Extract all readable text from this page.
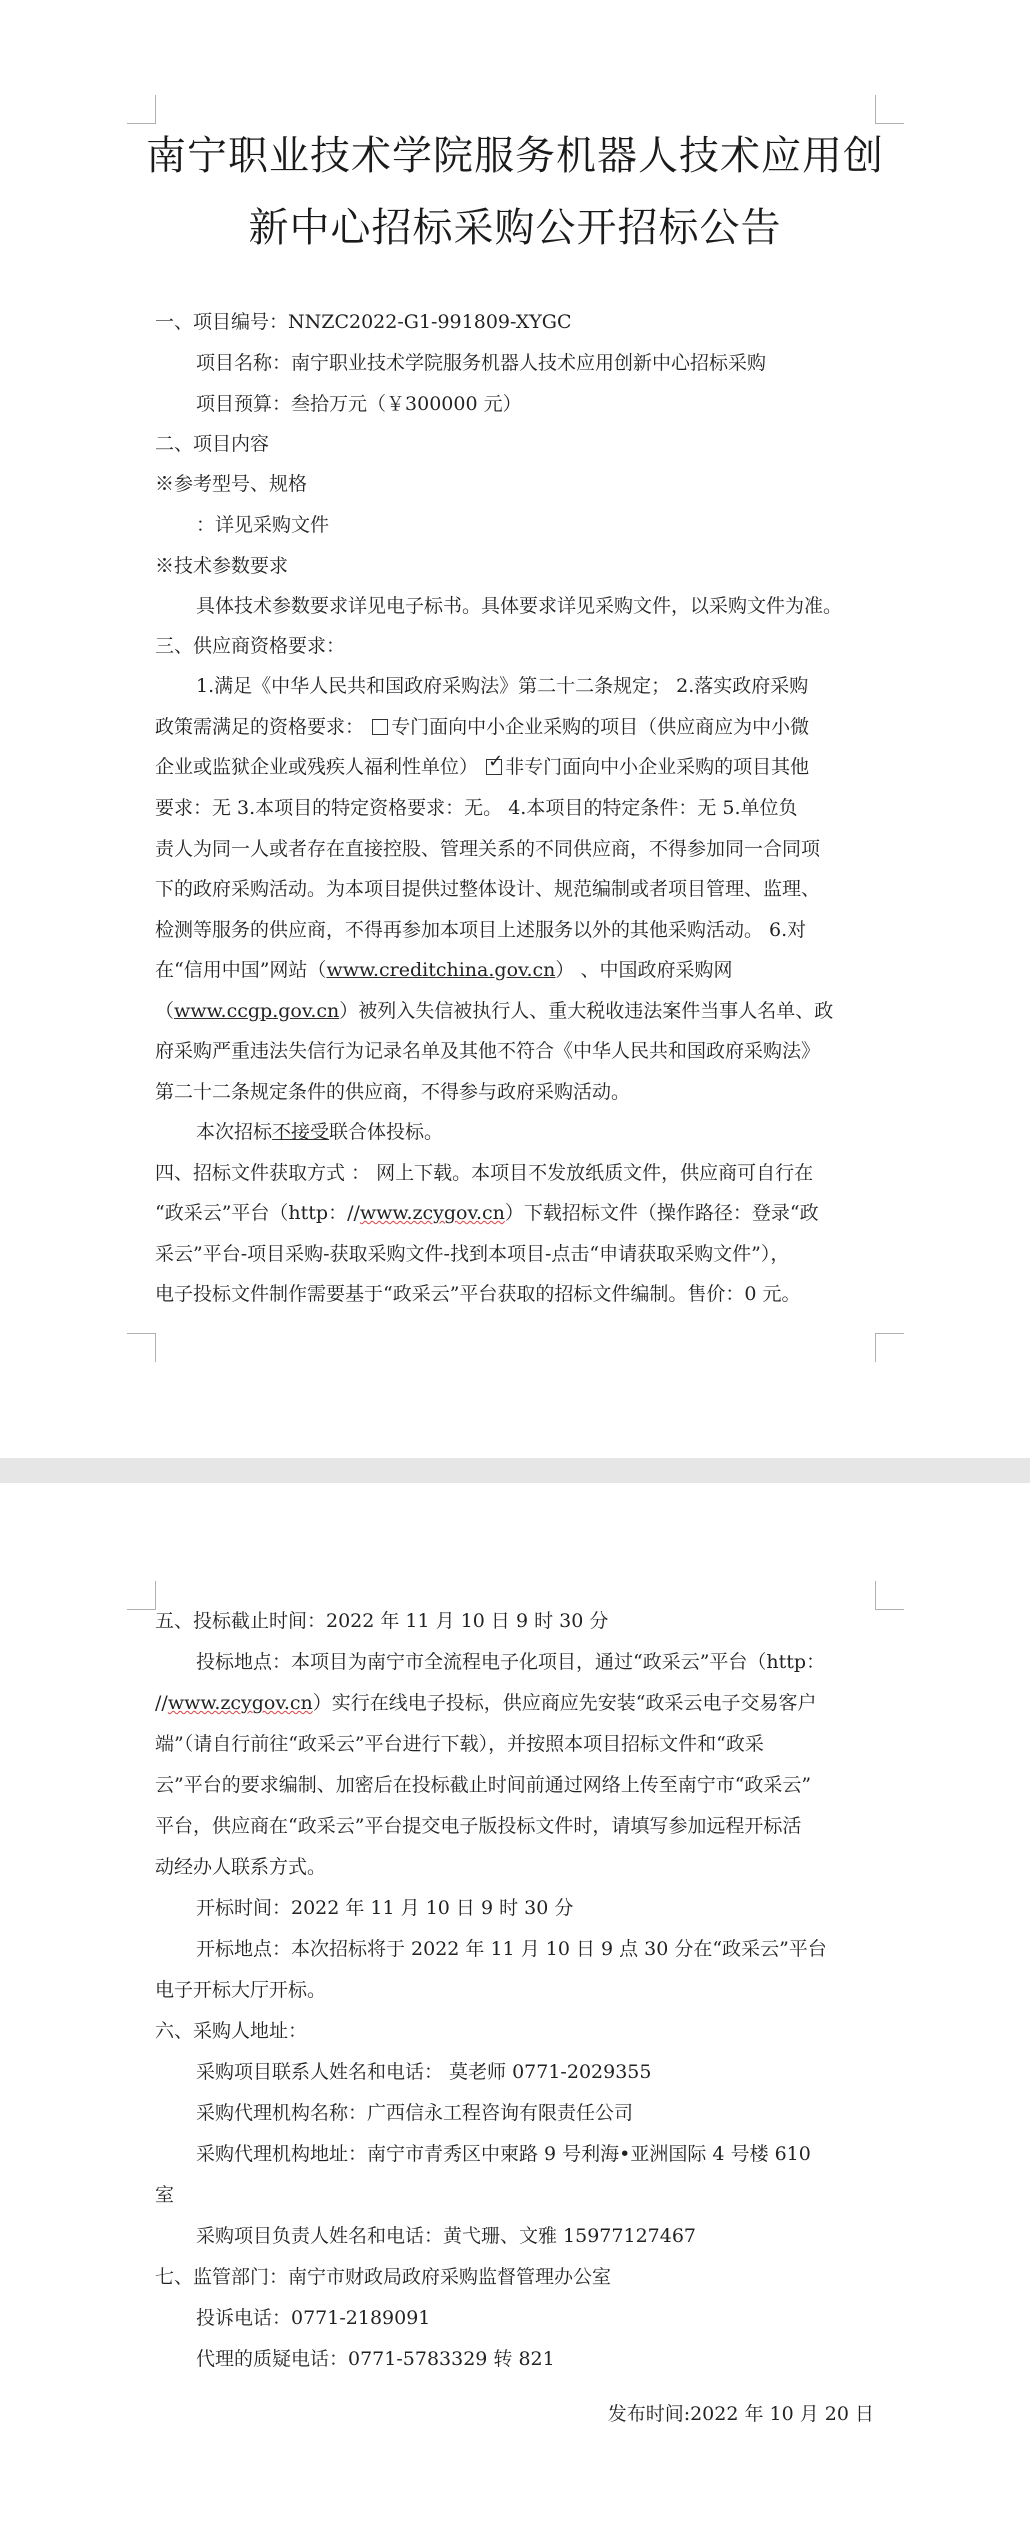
南宁职业技术学院服务机器人技术应用创
新中心招标采购公开招标公告
一、项目编号：NNZC2022-G1-991809-XYGC
项目名称：南宁职业技术学院服务机器人技术应用创新中心招标采购
项目预算：叁拾万元（￥300000 元）
二、项目内容
※参考型号、规格
：详见采购文件
※技术参数要求
具体技术参数要求详见电子标书。具体要求详见采购文件，以采购文件为准。
三、供应商资格要求：
1.满足《中华人民共和国政府采购法》第二十二条规定； 2.落实政府采购
政策需满足的资格要求： 专门面向中小企业采购的项目（供应商应为中小微
企业或监狱企业或残疾人福利性单位） ✓ 非专门面向中小企业采购的项目其他
要求：无 3.本项目的特定资格要求：无。 4.本项目的特定条件：无 5.单位负
责人为同一人或者存在直接控股、管理关系的不同供应商，不得参加同一合同项
下的政府采购活动。为本项目提供过整体设计、规范编制或者项目管理、监理、
检测等服务的供应商，不得再参加本项目上述服务以外的其他采购活动。 6.对
在“信用中国”网站（www.creditchina.gov.cn） 、中国政府采购网
（www.ccgp.gov.cn）被列入失信被执行人、重大税收违法案件当事人名单、政
府采购严重违法失信行为记录名单及其他不符合《中华人民共和国政府采购法》
第二十二条规定条件的供应商，不得参与政府采购活动。
本次招标不接受联合体投标。
四、招标文件获取方式 ： 网上下载。本项目不发放纸质文件，供应商可自行在
“政采云”平台（http：//www.zcygov.cn）下载招标文件（操作路径：登录“政
采云”平台-项目采购-获取采购文件-找到本项目-点击“申请获取采购文件”），
电子投标文件制作需要基于“政采云”平台获取的招标文件编制。售价：0 元。
五、投标截止时间：2022 年 11 月 10 日 9 时 30 分
投标地点：本项目为南宁市全流程电子化项目，通过“政采云”平台（http：
//www.zcygov.cn）实行在线电子投标，供应商应先安装“政采云电子交易客户
端”（请自行前往“政采云”平台进行下载），并按照本项目招标文件和“政采
云”平台的要求编制、加密后在投标截止时间前通过网络上传至南宁市“政采云”
平台，供应商在“政采云”平台提交电子版投标文件时，请填写参加远程开标活
动经办人联系方式。
开标时间：2022 年 11 月 10 日 9 时 30 分
开标地点：本次招标将于 2022 年 11 月 10 日 9 点 30 分在“政采云”平台
电子开标大厅开标。
六、采购人地址：
采购项目联系人姓名和电话： 莫老师 0771-2029355
采购代理机构名称：广西信永工程咨询有限责任公司
采购代理机构地址：南宁市青秀区中柬路 9 号利海•亚洲国际 4 号楼 610
室
采购项目负责人姓名和电话：黄弋珊、文雅 15977127467
七、监管部门：南宁市财政局政府采购监督管理办公室
投诉电话：0771-2189091
代理的质疑电话：0771-5783329 转 821
发布时间:2022 年 10 月 20 日
